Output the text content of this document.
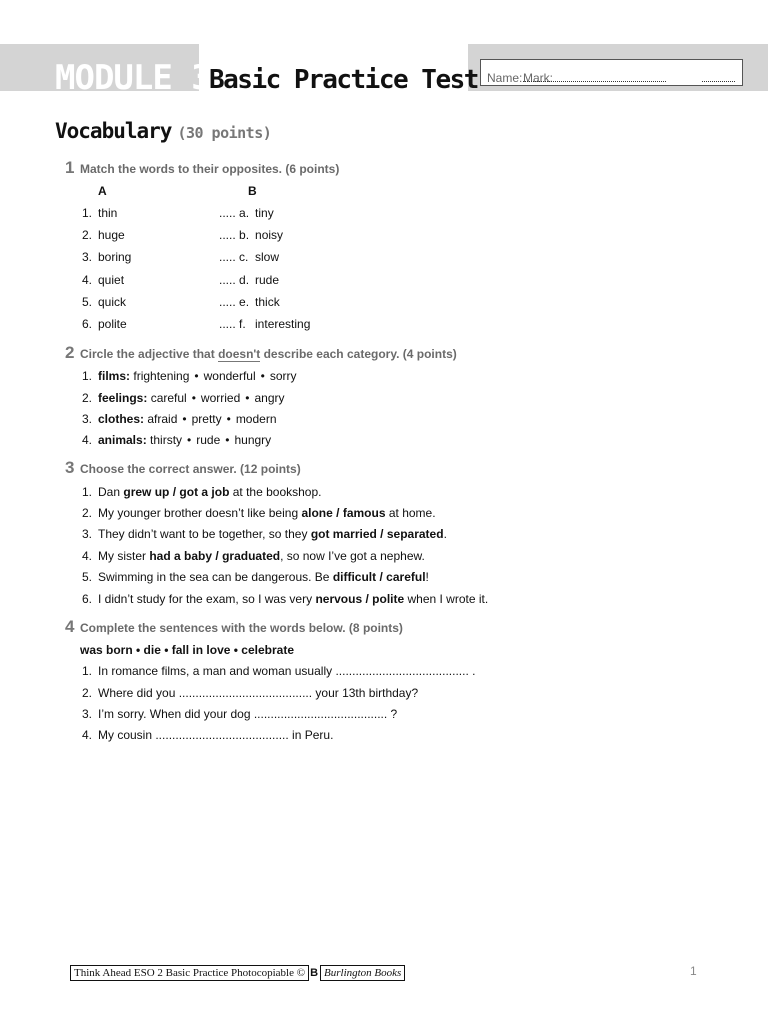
MODULE 3
Basic Practice Test Name: Mark:
Vocabulary (30 points)
1 Match the words to their opposites. (6 points)
A	B
1. thin	..... a. tiny
2. huge	..... b. noisy
3. boring	..... c. slow
4. quiet	..... d. rude
5. quick	..... e. thick
6. polite	..... f. interesting
2 Circle the adjective that doesn't describe each category. (4 points)
1. films: frightening • wonderful • sorry
2. feelings: careful • worried • angry
3. clothes: afraid • pretty • modern
4. animals: thirsty • rude • hungry
3 Choose the correct answer. (12 points)
1. Dan grew up / got a job at the bookshop.
2. My younger brother doesn’t like being alone / famous at home.
3. They didn’t want to be together, so they got married / separated.
4. My sister had a baby / graduated, so now I’ve got a nephew.
5. Swimming in the sea can be dangerous. Be difficult / careful!
6. I didn’t study for the exam, so I was very nervous / polite when I wrote it.
4 Complete the sentences with the words below. (8 points)
was born • die • fall in love • celebrate
1. In romance films, a man and woman usually ........................................ .
2. Where did you ........................................ your 13th birthday?
3. I’m sorry. When did your dog ........................................ ?
4. My cousin ........................................ in Peru.
Think Ahead ESO 2 Basic Practice Photocopiable © B Burlington Books	1
